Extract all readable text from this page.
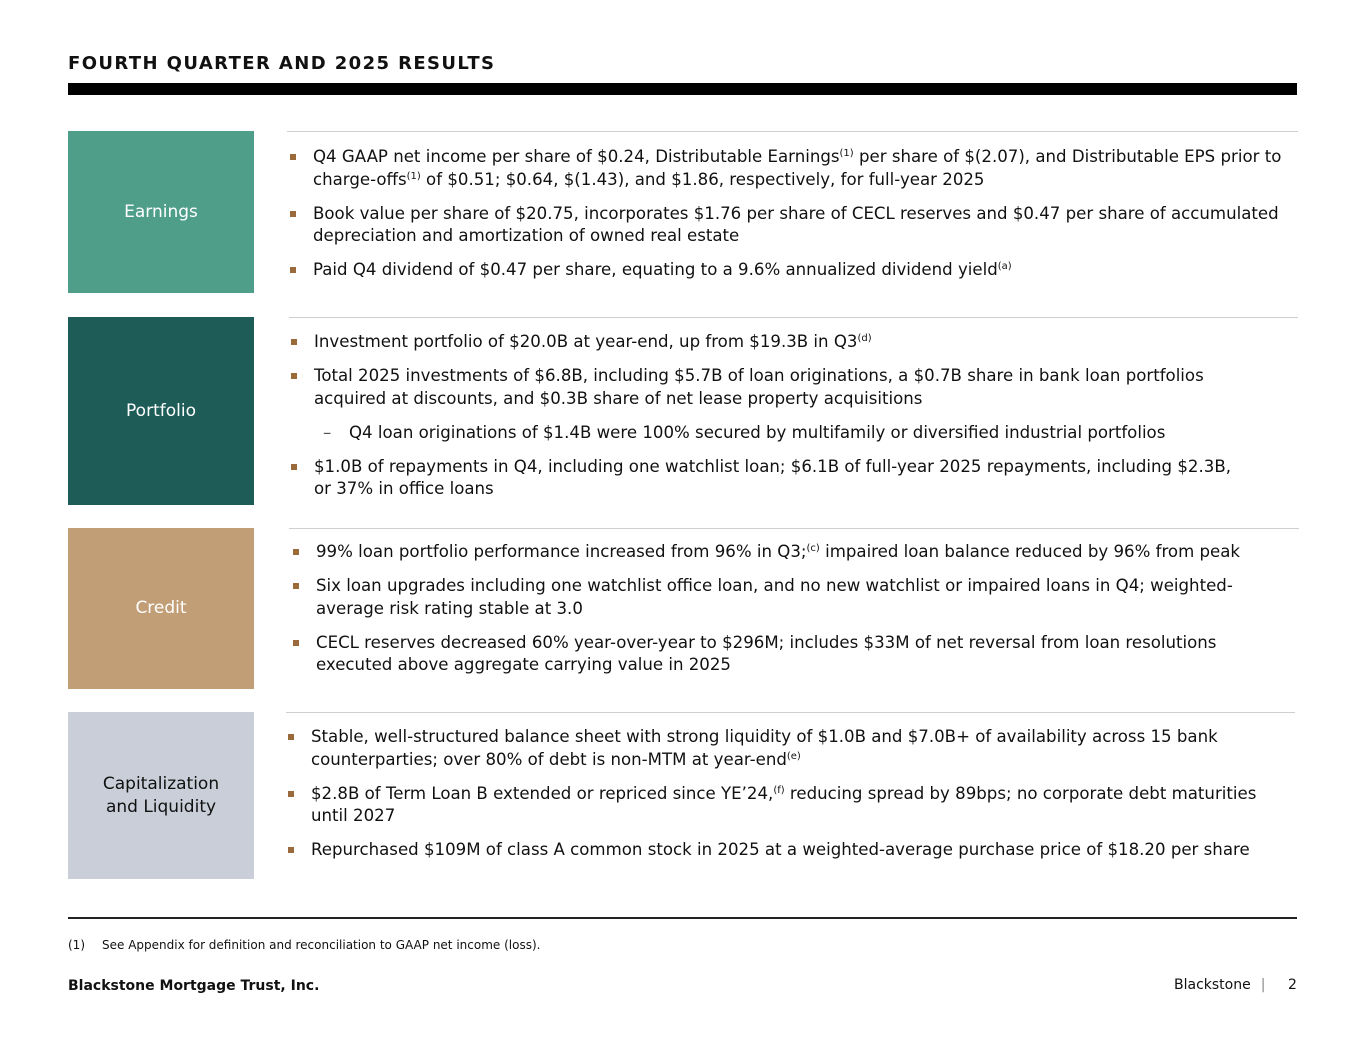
FOURTH QUARTER AND 2025 RESULTS
Earnings
Q4 GAAP net income per share of $0.24, Distributable Earnings$^{(1)}$ per share of $(2.07), and Distributable EPS prior to charge-offs$^{(1)}$ of $0.51; $0.64, $(1.43), and $1.86, respectively, for full-year 2025
Book value per share of $20.75, incorporates $1.76 per share of CECL reserves and $0.47 per share of accumulated depreciation and amortization of owned real estate
Paid Q4 dividend of $0.47 per share, equating to a 9.6% annualized dividend yield$^{(a)}$
Portfolio
Investment portfolio of $20.0B at year-end, up from $19.3B in Q3$^{(d)}$
Total 2025 investments of $6.8B, including $5.7B of loan originations, a $0.7B share in bank loan portfolios acquired at discounts, and $0.3B share of net lease property acquisitions
– Q4 loan originations of $1.4B were 100% secured by multifamily or diversified industrial portfolios
$1.0B of repayments in Q4, including one watchlist loan; $6.1B of full-year 2025 repayments, including $2.3B, or 37% in office loans
Credit
99% loan portfolio performance increased from 96% in Q3;$^{(c)}$ impaired loan balance reduced by 96% from peak
Six loan upgrades including one watchlist office loan, and no new watchlist or impaired loans in Q4; weighted-average risk rating stable at 3.0
CECL reserves decreased 60% year-over-year to $296M; includes $33M of net reversal from loan resolutions executed above aggregate carrying value in 2025
Capitalization
and Liquidity
Stable, well-structured balance sheet with strong liquidity of $1.0B and $7.0B+ of availability across 15 bank counterparties; over 80% of debt is non-MTM at year-end$^{(e)}$
$2.8B of Term Loan B extended or repriced since YE’24,$^{(f)}$ reducing spread by 89bps; no corporate debt maturities until 2027
Repurchased $109M of class A common stock in 2025 at a weighted-average purchase price of $18.20 per share
(1) See Appendix for definition and reconciliation to GAAP net income (loss).
Blackstone Mortgage Trust, Inc.	Blackstone |	2
